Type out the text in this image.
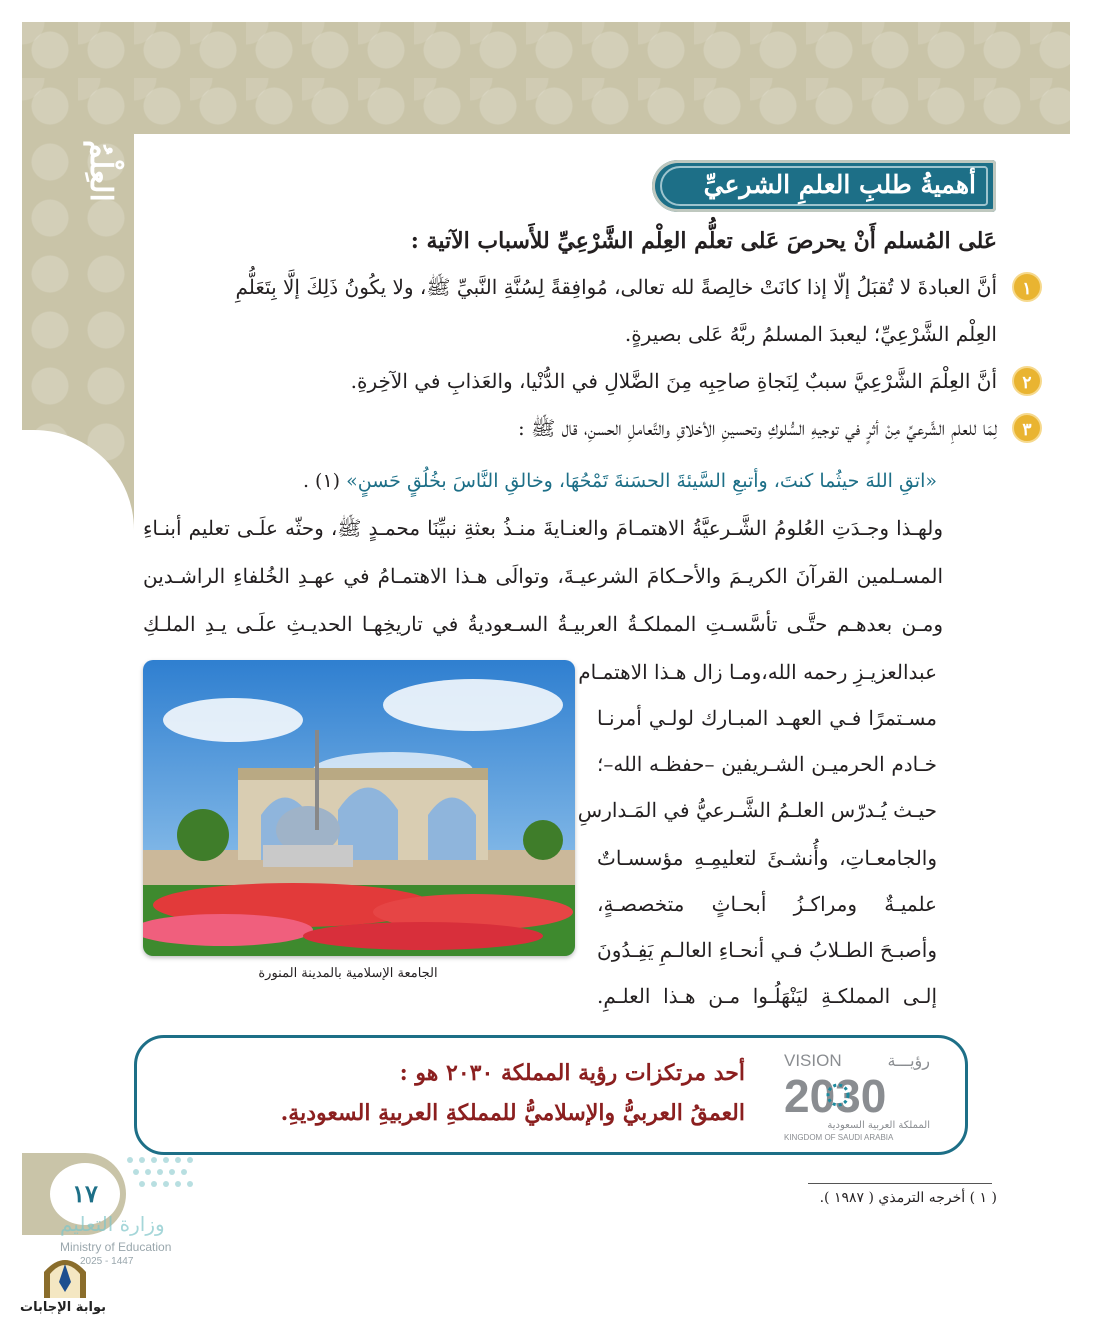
العِلْمُ	أهميةُ طلبِ العلمِ الشرعيِّ
عَلى المُسلم أَنْ يحرصَ عَلى تعلُّم العِلْم الشَّرْعِيِّ للأَسباب الآتية :
١
أنَّ العبادةَ لا تُقبَلُ إلّا إذا كانَتْ خالِصةً لله تعالى، مُوافِقةً لِسُنَّةِ النَّبيِّ ﷺ، ولا يكُونُ ذَلِكَ إلَّا بِتَعَلُّمِ
العِلْم الشَّرْعِيِّ؛ ليعبدَ المسلمُ ربَّهُ عَلى بصيرةٍ.
٢
أنَّ العِلْمَ الشَّرْعِيَّ سببٌ لِنَجاةِ صاحِبِه مِنَ الضَّلالِ في الدُّنْيا، والعَذابِ في الآخِرةِ.
٣
لِمَا للعلمِ الشَّرعيِّ مِنْ أثرٍ في توجيهِ السُّلوكِ وتحسينِ الأخلاقِ والتَّعاملِ الحسنِ، قال ﷺ :
«اتقِ اللهَ حيثُما كنتَ، وأتبعِ السَّيئةَ الحسَنةَ تَمْحُهَا، وخالقِ النَّاسَ بخُلُقٍ حَسنٍ» (١) .
ولهـذا وجـدَتِ العُلومُ الشَّـرعيَّةُ الاهتمـامَ والعنـايةَ منـذُ بعثةِ نبيِّنَا محمـدٍ ﷺ، وحثّه علَـى تعليم أبنـاءِ
المسـلمين القرآنَ الكريـمَ والأحـكامَ الشرعيـةَ، وتوالَى هـذا الاهتمـامُ في عهـدِ الخُلفاءِ الراشـدين
ومـن بعدهـم حتَّـى تأسَّسـتِ المملكـةُ العربيـةُ السـعوديةُ في تاريخِهـا الحديـثِ علَـى يـدِ الملـكِ
عبدالعزيـزِ رحمه الله،ومـا زال هـذا الاهتمـام
مسـتمرًا فـي العهـد المبـارك لولـي أمرنـا
خـادم الحرميـن الشـريفين –حفظـه الله–؛
حيـث يُـدرّس العلـمُ الشَّـرعيُّ في المَـدارسِ
والجامعـاتِ، وأُنشـئَ لتعليمِـهِ مؤسسـاتٌ
علميـةٌ ومراكـزُ أبحـاثٍ متخصصـةٍ،
وأصبـحَ الطـلابُ فـي أنحـاءِ العالـمِ يَفِـدُونَ
إلـى المملكـةِ ليَنْهَلُـوا مـن هـذا العلـمِ.
الجامعة الإسلامية بالمدينة المنورة
أحد مرتكزات رؤية المملكة ٢٠٣٠ هو :
العمقُ العربيُّ والإسلاميُّ للمملكةِ العربيةِ السعوديةِ.
VISION	رؤيـــة
2030
المملكة العربية السعودية
KINGDOM OF SAUDI ARABIA
( ١ ) أخرجه الترمذي ( ١٩٨٧ ).
١٧
وزارة التعليم
Ministry of Education
2025 - 1447
بوابة الإجابات
